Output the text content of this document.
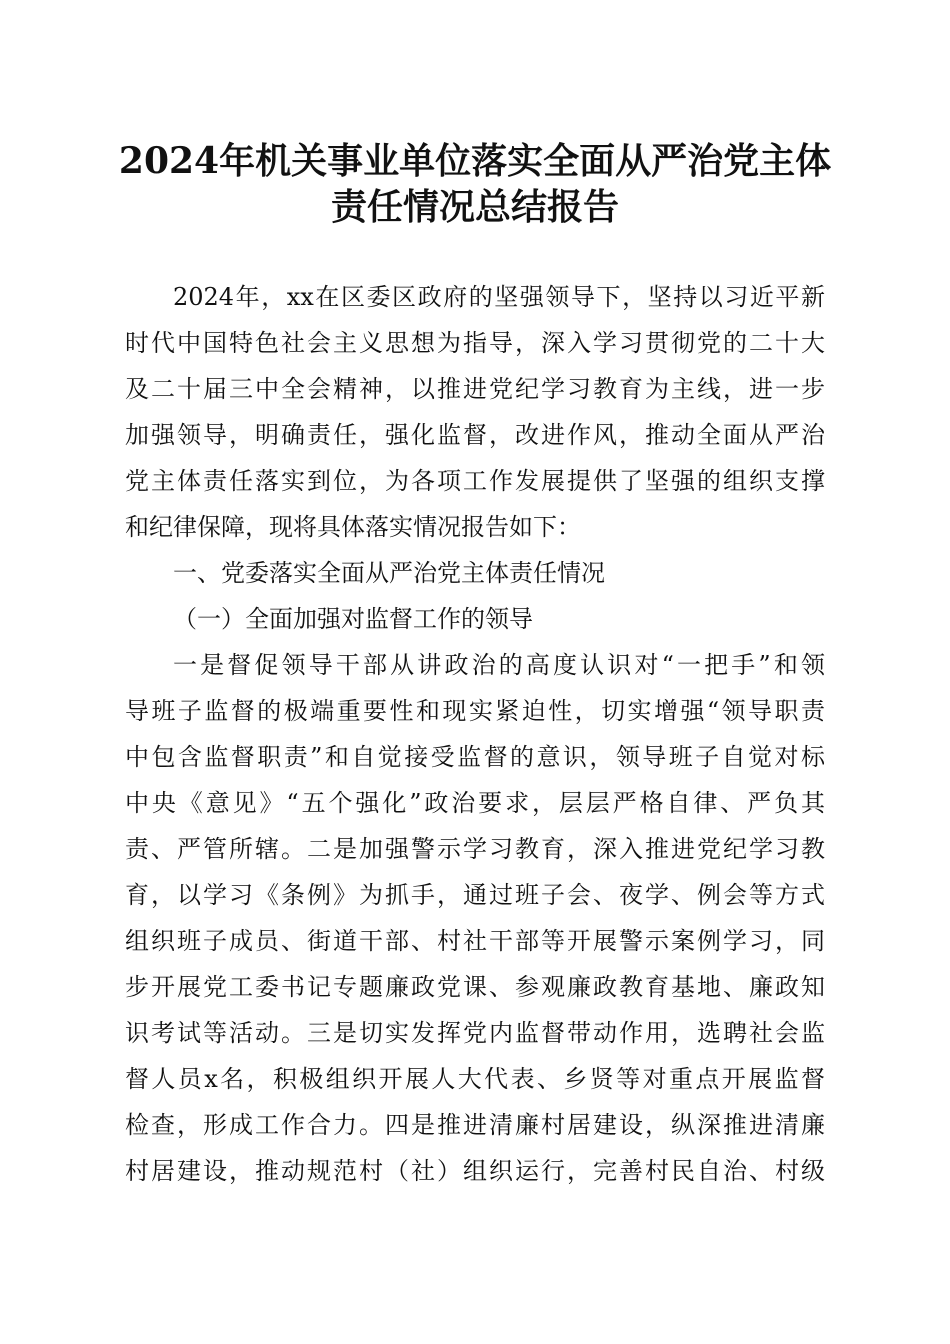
2024年机关事业单位落实全面从严治党主体
责任情况总结报告

2024年，xx在区委区政府的坚强领导下，坚持以习近平新

时代中国特色社会主义思想为指导，深入学习贯彻党的二十大

及二十届三中全会精神，以推进党纪学习教育为主线，进一步

加强领导，明确责任，强化监督，改进作风，推动全面从严治

党主体责任落实到位，为各项工作发展提供了坚强的组织支撑

和纪律保障，现将具体落实情况报告如下：

一、党委落实全面从严治党主体责任情况

（一）全面加强对监督工作的领导

一是督促领导干部从讲政治的高度认识对“一把手”和领

导班子监督的极端重要性和现实紧迫性，切实增强“领导职责

中包含监督职责”和自觉接受监督的意识，领导班子自觉对标

中央《意见》“五个强化”政治要求，层层严格自律、严负其

责、严管所辖。二是加强警示学习教育，深入推进党纪学习教

育，以学习《条例》为抓手，通过班子会、夜学、例会等方式

组织班子成员、街道干部、村社干部等开展警示案例学习，同

步开展党工委书记专题廉政党课、参观廉政教育基地、廉政知

识考试等活动。三是切实发挥党内监督带动作用，选聘社会监

督人员x名，积极组织开展人大代表、乡贤等对重点开展监督

检查，形成工作合力。四是推进清廉村居建设，纵深推进清廉

村居建设，推动规范村（社）组织运行，完善村民自治、村级
